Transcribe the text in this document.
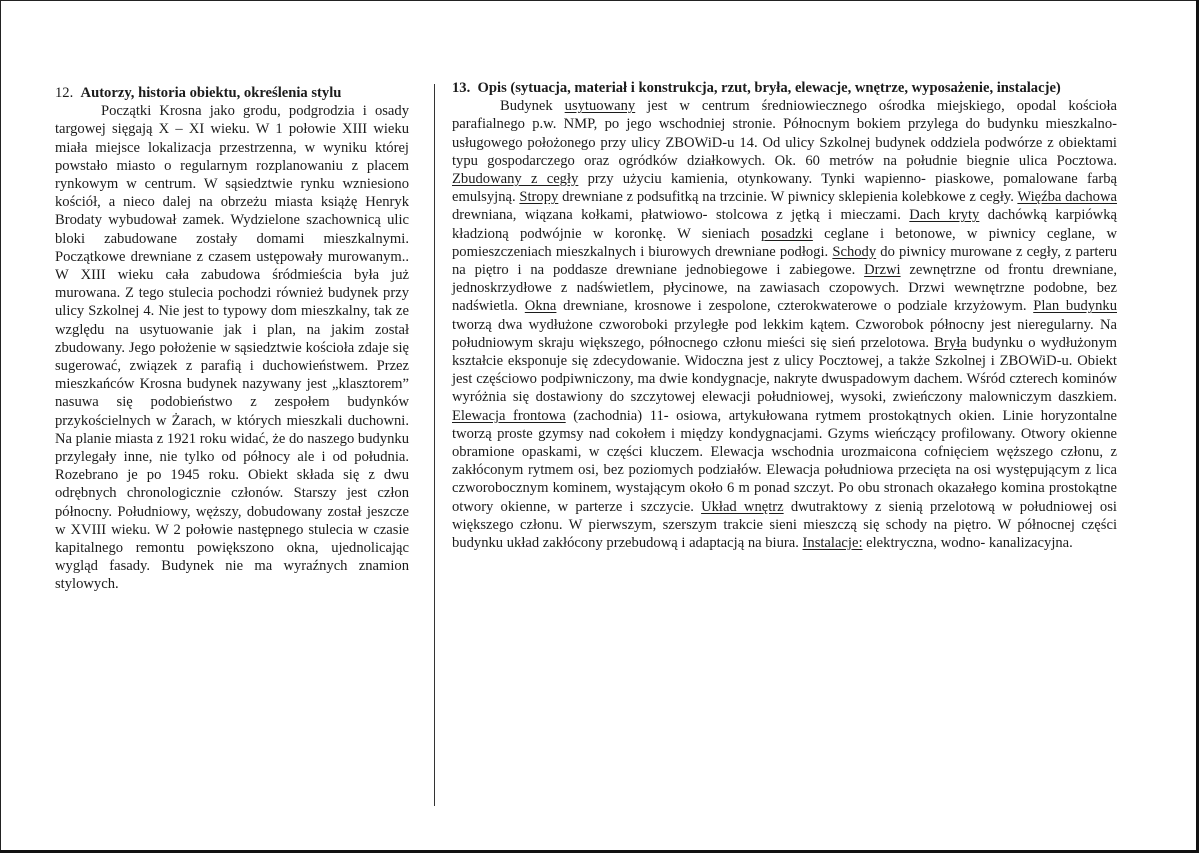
12. Autorzy, historia obiektu, określenia stylu

Początki Krosna jako grodu, podgrodzia i osady targowej sięgają X – XI wieku. W 1 połowie XIII wieku miała miejsce lokalizacja przestrzenna, w wyniku której powstało miasto o regularnym rozplanowaniu z placem rynkowym w centrum. W sąsiedztwie rynku wzniesiono kościół, a nieco dalej na obrzeżu miasta książę Henryk Brodaty wybudował zamek. Wydzielone szachownicą ulic bloki zabudowane zostały domami mieszkalnymi. Początkowe drewniane z czasem ustępowały murowanym.. W XIII wieku cała zabudowa śródmieścia była już murowana. Z tego stulecia pochodzi również budynek przy ulicy Szkolnej 4. Nie jest to typowy dom mieszkalny, tak ze względu na usytuowanie jak i plan, na jakim został zbudowany. Jego położenie w sąsiedztwie kościoła zdaje się sugerować, związek z parafią i duchowieństwem. Przez mieszkańców Krosna budynek nazywany jest „klasztorem” nasuwa się podobieństwo z zespołem budynków przykościelnych w Żarach, w których mieszkali duchowni. Na planie miasta z 1921 roku widać, że do naszego budynku przylegały inne, nie tylko od północy ale i od południa. Rozebrano je po 1945 roku. Obiekt składa się z dwu odrębnych chronologicznie członów. Starszy jest człon północny. Południowy, węższy, dobudowany został jeszcze w XVIII wieku. W 2 połowie następnego stulecia w czasie kapitalnego remontu powiększono okna, ujednolicając wygląd fasady. Budynek nie ma wyraźnych znamion stylowych.

13. Opis (sytuacja, materiał i konstrukcja, rzut, bryła, elewacje, wnętrze, wyposażenie, instalacje)

Budynek usytuowany jest w centrum średniowiecznego ośrodka miejskiego, opodal kościoła parafialnego p.w. NMP, po jego wschodniej stronie. Północnym bokiem przylega do budynku mieszkalno- usługowego położonego przy ulicy ZBOWiD-u 14. Od ulicy Szkolnej budynek oddziela podwórze z obiektami typu gospodarczego oraz ogródków działkowych. Ok. 60 metrów na południe biegnie ulica Pocztowa. Zbudowany z cegły przy użyciu kamienia, otynkowany. Tynki wapienno- piaskowe, pomalowane farbą emulsyjną. Stropy drewniane z podsufitką na trzcinie. W piwnicy sklepienia kolebkowe z cegły. Więźba dachowa drewniana, wiązana kołkami, płatwiowo- stolcowa z jętką i mieczami. Dach kryty dachówką karpiówką kładzioną podwójnie w koronkę. W sieniach posadzki ceglane i betonowe, w piwnicy ceglane, w pomieszczeniach mieszkalnych i biurowych drewniane podłogi. Schody do piwnicy murowane z cegły, z parteru na piętro i na poddasze drewniane jednobiegowe i zabiegowe. Drzwi zewnętrzne od frontu drewniane, jednoskrzydłowe z nadświetlem, płycinowe, na zawiasach czopowych. Drzwi wewnętrzne podobne, bez nadświetla. Okna drewniane, krosnowe i zespolone, czterokwaterowe o podziale krzyżowym. Plan budynku tworzą dwa wydłużone czworoboki przyległe pod lekkim kątem. Czworobok północny jest nieregularny. Na południowym skraju większego, północnego członu mieści się sień przelotowa. Bryła budynku o wydłużonym kształcie eksponuje się zdecydowanie. Widoczna jest z ulicy Pocztowej, a także Szkolnej i ZBOWiD-u. Obiekt jest częściowo podpiwniczony, ma dwie kondygnacje, nakryte dwuspadowym dachem. Wśród czterech kominów wyróżnia się dostawiony do szczytowej elewacji południowej, wysoki, zwieńczony malowniczym daszkiem. Elewacja frontowa (zachodnia) 11- osiowa, artykułowana rytmem prostokątnych okien. Linie horyzontalne tworzą proste gzymsy nad cokołem i między kondygnacjami. Gzyms wieńczący profilowany. Otwory okienne obramione opaskami, w części kluczem. Elewacja wschodnia urozmaicona cofnięciem węższego członu, z zakłóconym rytmem osi, bez poziomych podziałów. Elewacja południowa przecięta na osi występującym z lica czworobocznym kominem, wystającym około 6 m ponad szczyt. Po obu stronach okazałego komina prostokątne otwory okienne, w parterze i szczycie. Układ wnętrz dwutraktowy z sienią przelotową w południowej osi większego członu. W pierwszym, szerszym trakcie sieni mieszczą się schody na piętro. W północnej części budynku układ zakłócony przebudową i adaptacją na biura. Instalacje: elektryczna, wodno- kanalizacyjna.
